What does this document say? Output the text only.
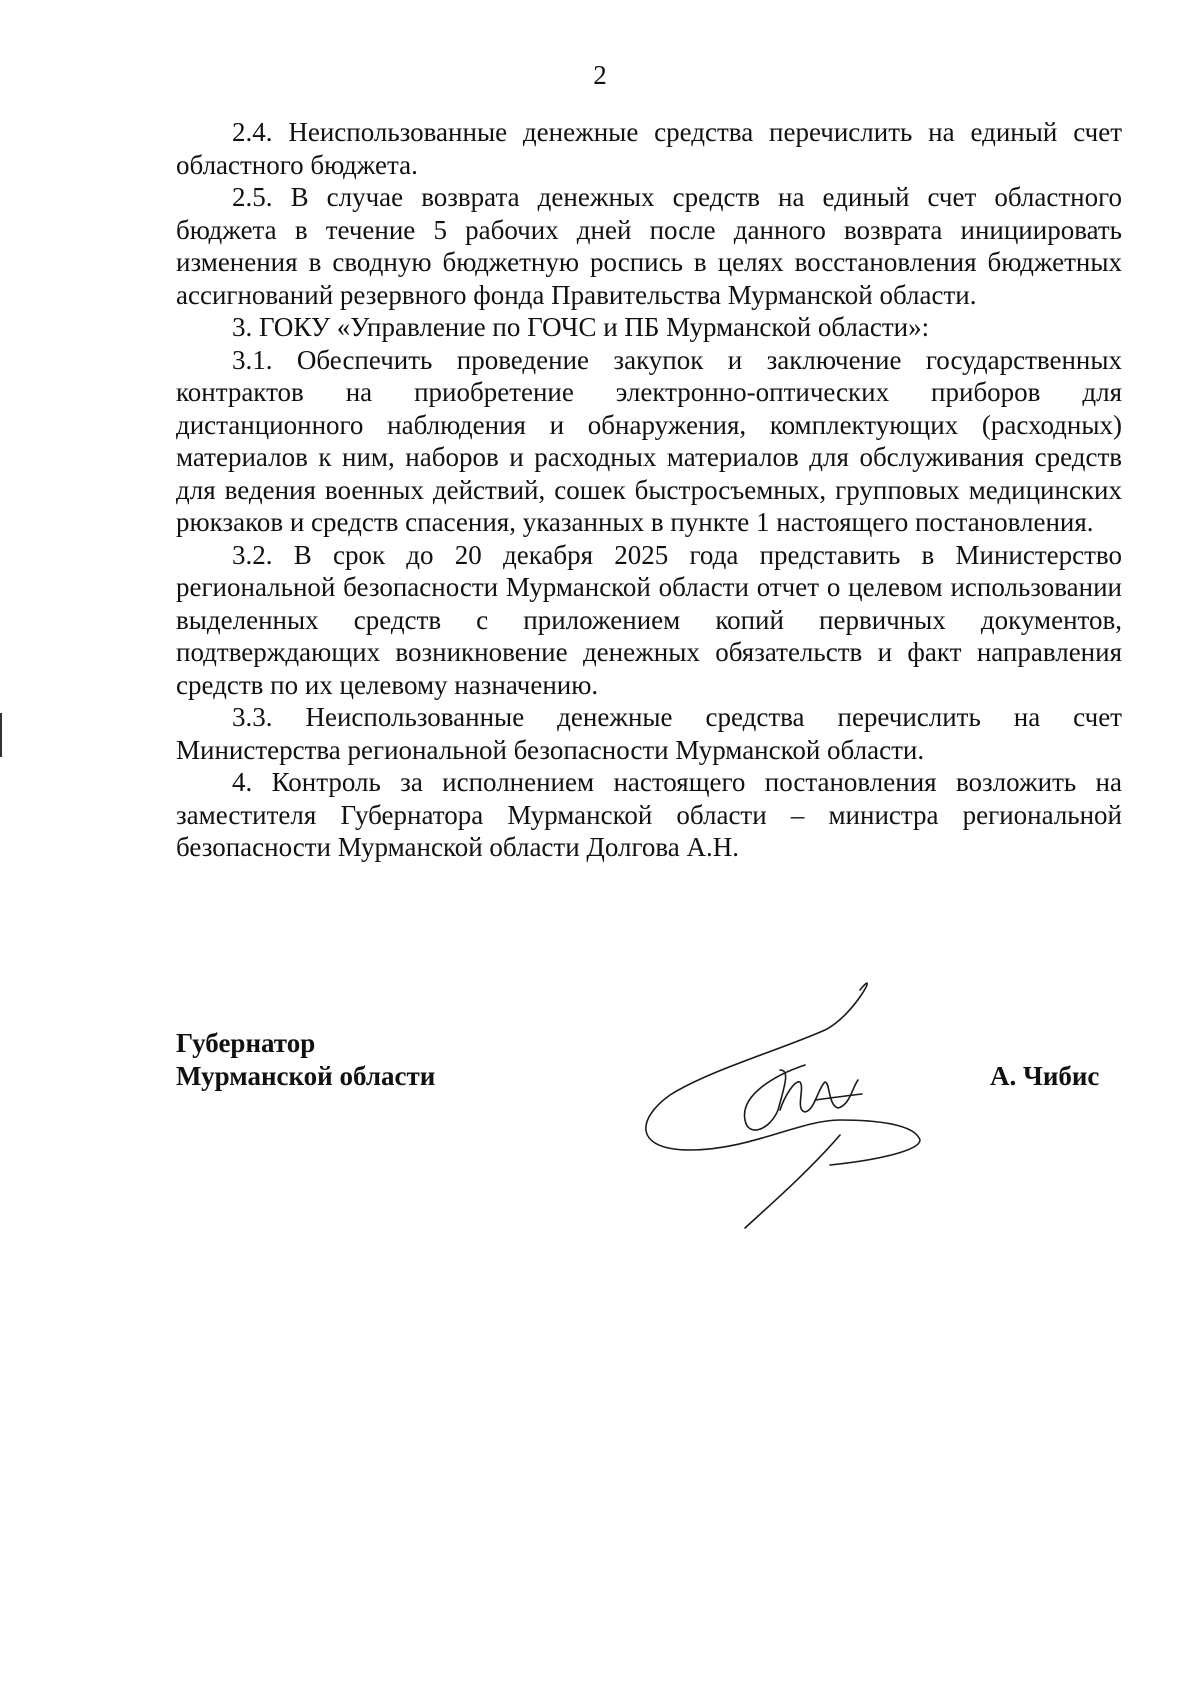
2

2.4. Неиспользованные денежные средства перечислить на единый счет областного бюджета.

2.5. В случае возврата денежных средств на единый счет областного бюджета в течение 5 рабочих дней после данного возврата инициировать изменения в сводную бюджетную роспись в целях восстановления бюджетных ассигнований резервного фонда Правительства Мурманской области.

3. ГОКУ «Управление по ГОЧС и ПБ Мурманской области»:

3.1. Обеспечить проведение закупок и заключение государственных контрактов на приобретение электронно-оптических приборов для дистанционного наблюдения и обнаружения, комплектующих (расходных) материалов к ним, наборов и расходных материалов для обслуживания средств для ведения военных действий, сошек быстросъемных, групповых медицинских рюкзаков и средств спасения, указанных в пункте 1 настоящего постановления.

3.2. В срок до 20 декабря 2025 года представить в Министерство региональной безопасности Мурманской области отчет о целевом использовании выделенных средств с приложением копий первичных документов, подтверждающих возникновение денежных обязательств и факт направления средств по их целевому назначению.

3.3. Неиспользованные денежные средства перечислить на счет Министерства региональной безопасности Мурманской области.

4. Контроль за исполнением настоящего постановления возложить на заместителя Губернатора Мурманской области – министра региональной безопасности Мурманской области Долгова А.Н.

Губернатор
Мурманской области	А. Чибис
